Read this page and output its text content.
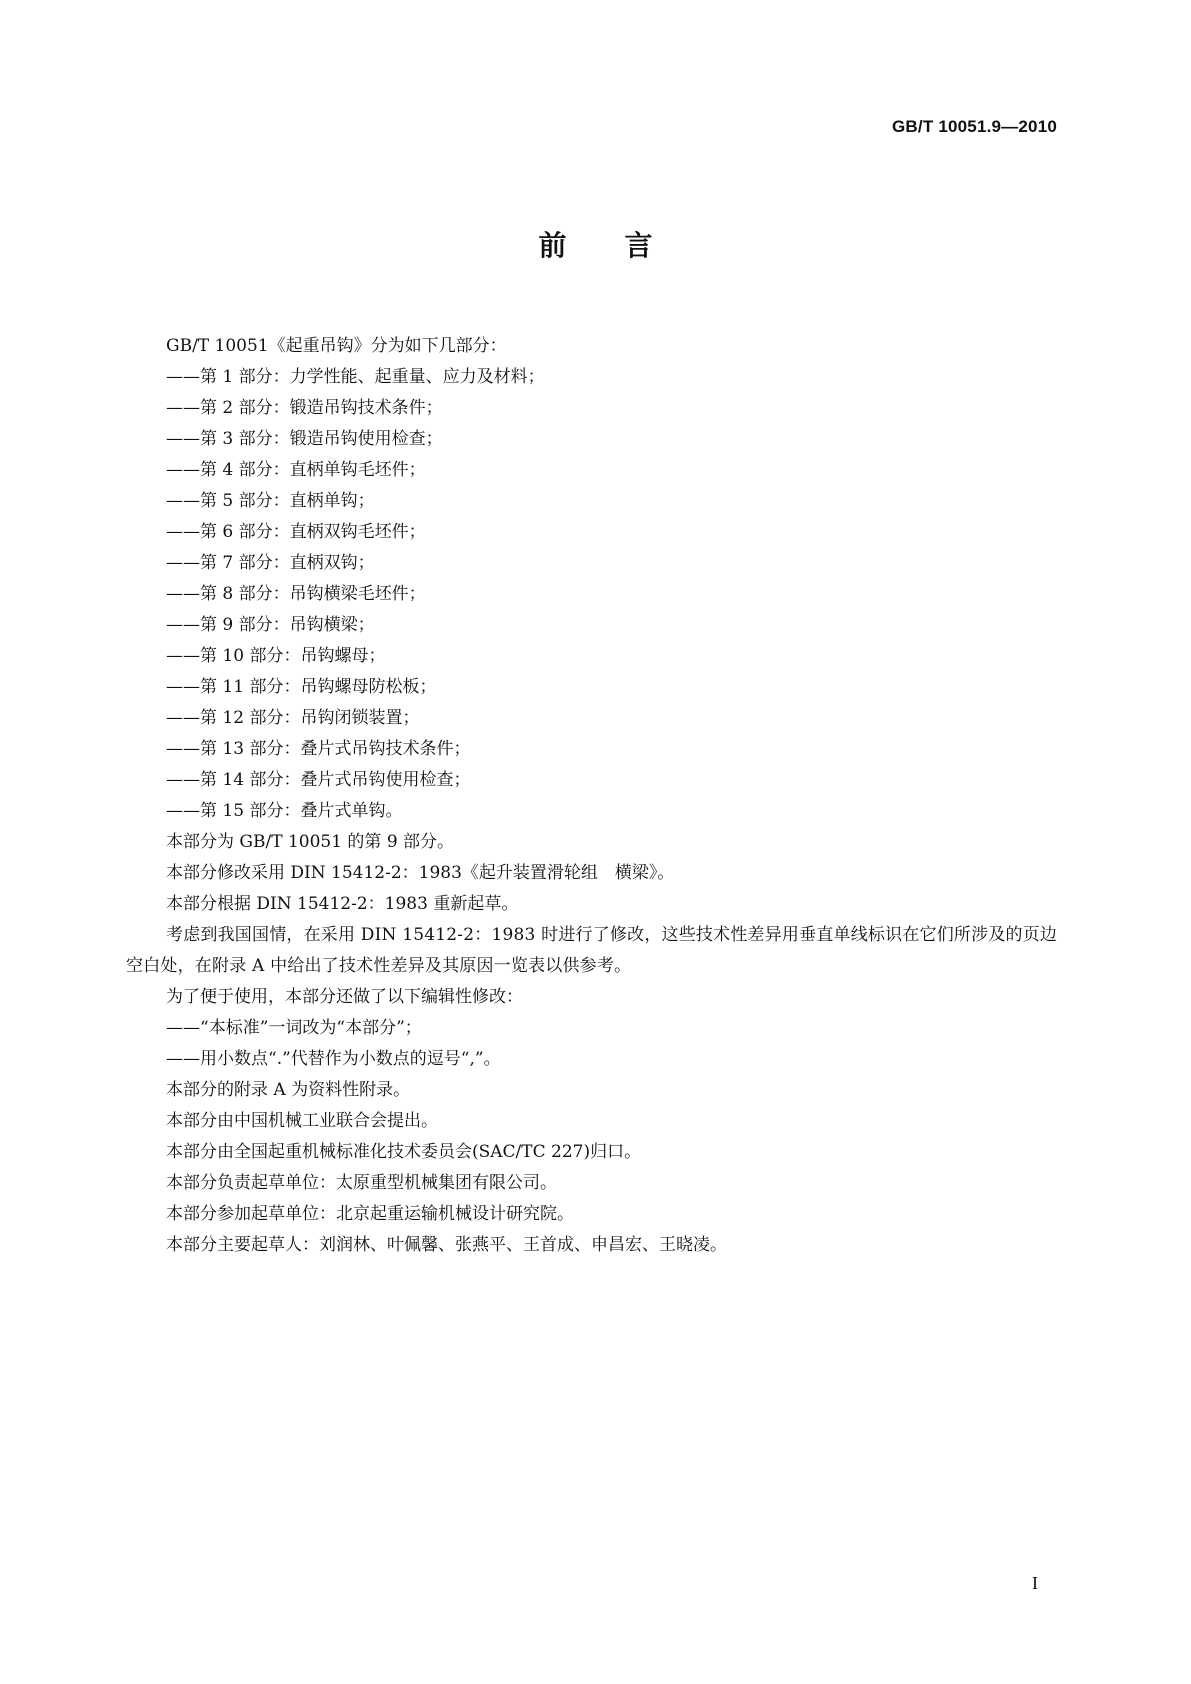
GB/T 10051.9—2010
前言

GB/T 10051《起重吊钩》分为如下几部分：

——第 1 部分：力学性能、起重量、应力及材料；

——第 2 部分：锻造吊钩技术条件；

——第 3 部分：锻造吊钩使用检查；

——第 4 部分：直柄单钩毛坯件；

——第 5 部分：直柄单钩；

——第 6 部分：直柄双钩毛坯件；

——第 7 部分：直柄双钩；

——第 8 部分：吊钩横梁毛坯件；

——第 9 部分：吊钩横梁；

——第 10 部分：吊钩螺母；

——第 11 部分：吊钩螺母防松板；

——第 12 部分：吊钩闭锁装置；

——第 13 部分：叠片式吊钩技术条件；

——第 14 部分：叠片式吊钩使用检查；

——第 15 部分：叠片式单钩。

本部分为 GB/T 10051 的第 9 部分。

本部分修改采用 DIN 15412-2：1983《起升装置滑轮组　横梁》。

本部分根据 DIN 15412-2：1983 重新起草。

考虑到我国国情，在采用 DIN 15412-2：1983 时进行了修改，这些技术性差异用垂直单线标识在它们所涉及的页边空白处，在附录 A 中给出了技术性差异及其原因一览表以供参考。

为了便于使用，本部分还做了以下编辑性修改：

——“本标准”一词改为“本部分”；

——用小数点“.”代替作为小数点的逗号“,”。

本部分的附录 A 为资料性附录。

本部分由中国机械工业联合会提出。

本部分由全国起重机械标准化技术委员会(SAC/TC 227)归口。

本部分负责起草单位：太原重型机械集团有限公司。

本部分参加起草单位：北京起重运输机械设计研究院。

本部分主要起草人：刘润林、叶佩馨、张燕平、王首成、申昌宏、王晓凌。

I
